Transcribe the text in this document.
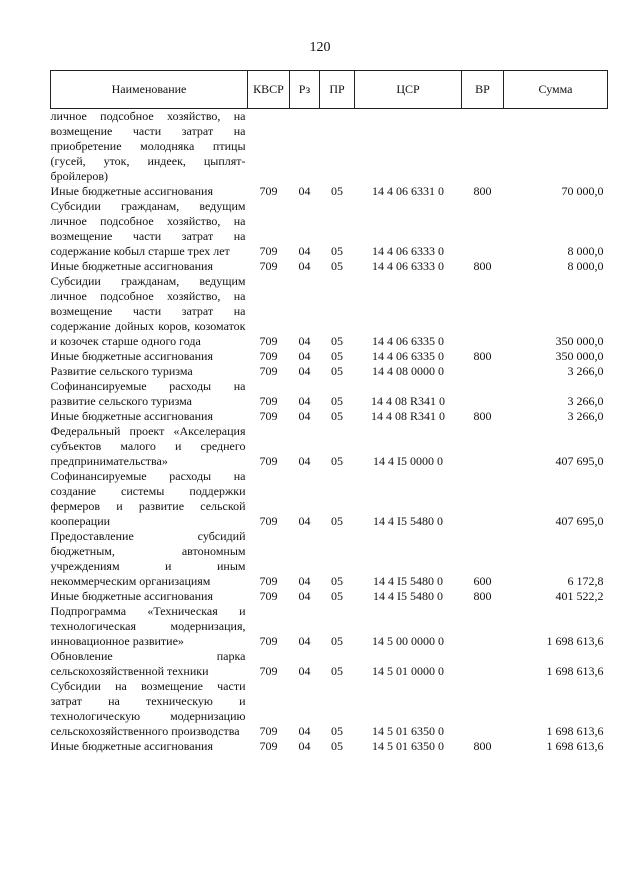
120
Наименование	КВСР	Рз	ПР	ЦСР	ВР	Сумма
личное подсобное хозяйство, на возмещение части затрат на приобретение молодняка птицы (гусей, уток, индеек, цыплят-бройлеров)						
Иные бюджетные ассигнования	709	04	05	14 4 06 6331 0	800	70 000,0
Субсидии гражданам, ведущим личное подсобное хозяйство, на возмещение части затрат на содержание кобыл старше трех лет	709	04	05	14 4 06 6333 0		8 000,0
Иные бюджетные ассигнования	709	04	05	14 4 06 6333 0	800	8 000,0
Субсидии гражданам, ведущим личное подсобное хозяйство, на возмещение части затрат на содержание дойных коров, козоматок и козочек старше одного года	709	04	05	14 4 06 6335 0		350 000,0
Иные бюджетные ассигнования	709	04	05	14 4 06 6335 0	800	350 000,0
Развитие сельского туризма	709	04	05	14 4 08 0000 0		3 266,0
Софинансируемые расходы на развитие сельского туризма	709	04	05	14 4 08 R341 0		3 266,0
Иные бюджетные ассигнования	709	04	05	14 4 08 R341 0	800	3 266,0
Федеральный проект «Акселерация субъектов малого и среднего предпринимательства»	709	04	05	14 4 I5 0000 0		407 695,0
Софинансируемые расходы на создание системы поддержки фермеров и развитие сельской кооперации	709	04	05	14 4 I5 5480 0		407 695,0
Предоставление субсидий бюджетным, автономным учреждениям и иным некоммерческим организациям	709	04	05	14 4 I5 5480 0	600	6 172,8
Иные бюджетные ассигнования	709	04	05	14 4 I5 5480 0	800	401 522,2
Подпрограмма «Техническая и технологическая модернизация, инновационное развитие»	709	04	05	14 5 00 0000 0		1 698 613,6
Обновление парка сельскохозяйственной техники	709	04	05	14 5 01 0000 0		1 698 613,6
Субсидии на возмещение части затрат на техническую и технологическую модернизацию сельскохозяйственного производства	709	04	05	14 5 01 6350 0		1 698 613,6
Иные бюджетные ассигнования	709	04	05	14 5 01 6350 0	800	1 698 613,6
